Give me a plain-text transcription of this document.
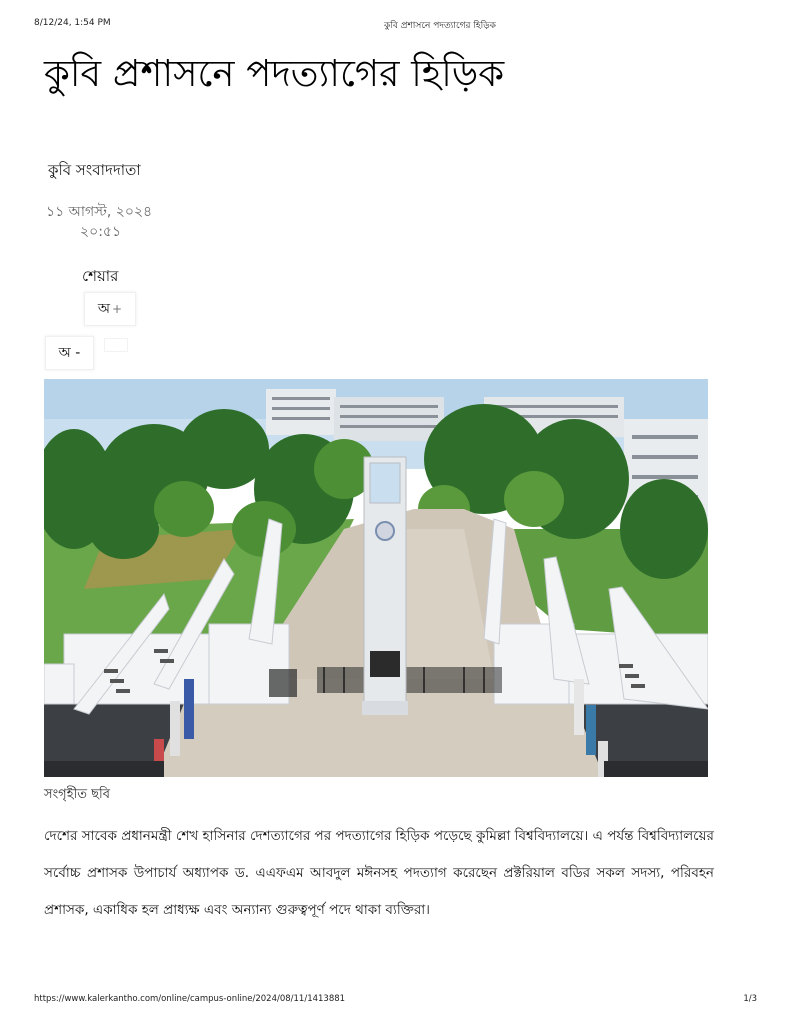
8/12/24, 1:54 PM	কুবি প্রশাসনে পদত্যাগের হিড়িক
কুবি প্রশাসনে পদত্যাগের হিড়িক
কুবি সংবাদদাতা
১১ আগস্ট, ২০২৪
২০:৫১
শেয়ার
অ +
অ -
সংগৃহীত ছবি

দেশের সাবেক প্রধানমন্ত্রী শেখ হাসিনার দেশত্যাগের পর পদত্যাগের হিড়িক পড়েছে কুমিল্লা বিশ্ববিদ্যালয়ে। এ পর্যন্ত বিশ্ববিদ্যালয়ের সর্বোচ্চ প্রশাসক উপাচার্য অধ্যাপক ড. এএফএম আবদুল মঈনসহ পদত্যাগ করেছেন প্রক্টরিয়াল বডির সকল সদস্য, পরিবহন প্রশাসক, একাধিক হল প্রাধ্যক্ষ এবং অন্যান্য গুরুত্বপূর্ণ পদে থাকা ব্যক্তিরা।

https://www.kalerkantho.com/online/campus-online/2024/08/11/1413881	1/3
